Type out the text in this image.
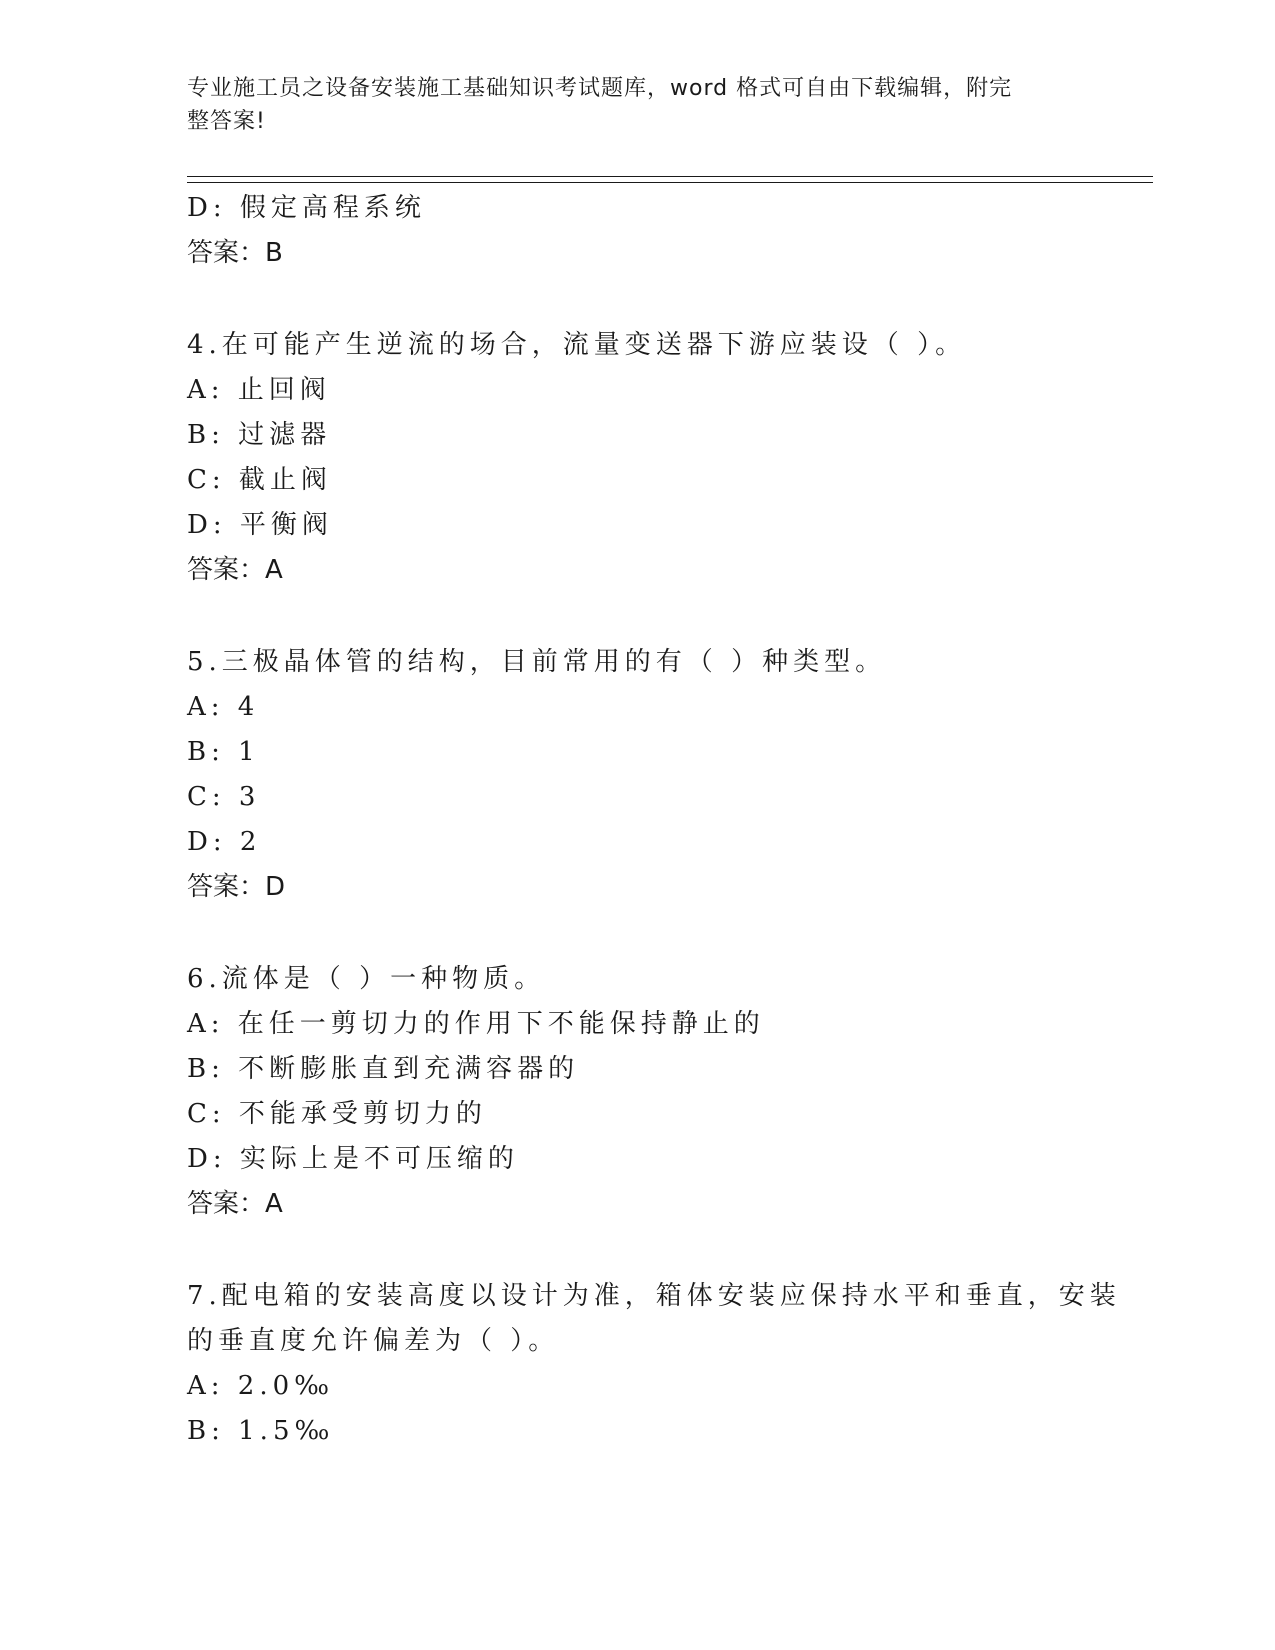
专业施工员之设备安装施工基础知识考试题库，word 格式可自由下载编辑，附完
整答案!
D: 假定高程系统
答案：B
4.在可能产生逆流的场合，流量变送器下游应装设（ ）。
A: 止回阀
B: 过滤器
C: 截止阀
D: 平衡阀
答案：A
5.三极晶体管的结构，目前常用的有（ ）种类型。
A: 4
B: 1
C: 3
D: 2
答案：D
6.流体是（ ）一种物质。
A: 在任一剪切力的作用下不能保持静止的
B: 不断膨胀直到充满容器的
C: 不能承受剪切力的
D: 实际上是不可压缩的
答案：A
7.配电箱的安装高度以设计为准，箱体安装应保持水平和垂直，安装
的垂直度允许偏差为（ ）。
A: 2.0‰
B: 1.5‰
